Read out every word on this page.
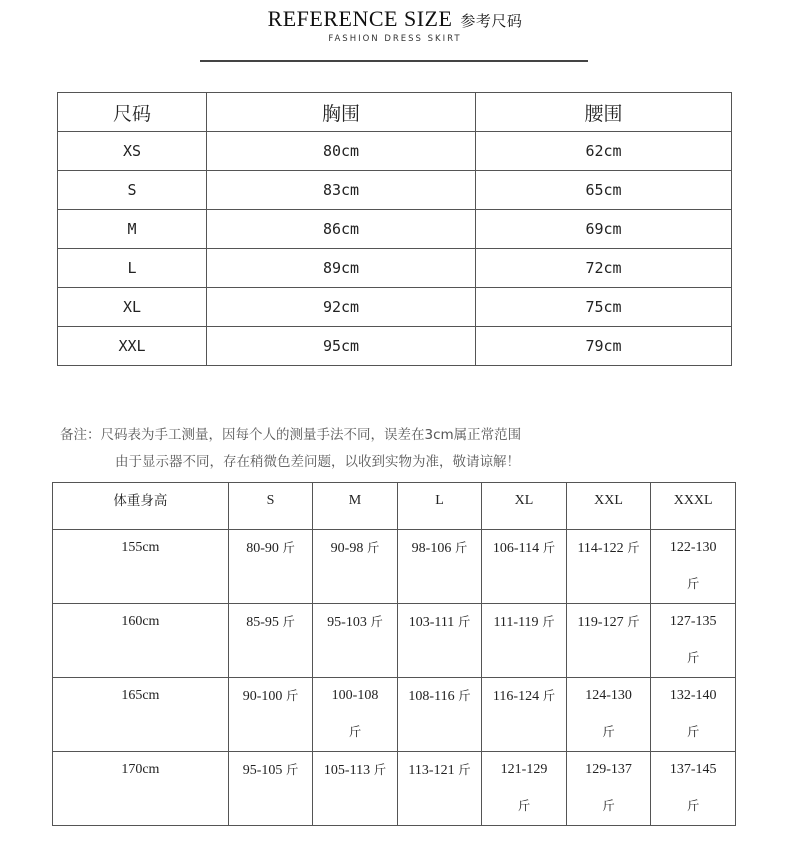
REFERENCE SIZE 参考尺码
FASHION DRESS SKIRT
尺码	胸围	腰围
XS	80cm	62cm
S	83cm	65cm
M	86cm	69cm
L	89cm	72cm
XL	92cm	75cm
XXL	95cm	79cm
备注：尺码表为手工测量，因每个人的测量手法不同，误差在3cm属正常范围
由于显示器不同，存在稍微色差问题，以收到实物为准，敬请谅解！
体重身高	S	M	L	XL	XXL	XXXL
155cm	80-90 斤	90-98 斤	98-106 斤	106-114 斤	114-122 斤	122-130
斤
160cm	85-95 斤	95-103 斤	103-111 斤	111-119 斤	119-127 斤	127-135
斤
165cm	90-100 斤	100-108
斤	108-116 斤	116-124 斤	124-130
斤	132-140
斤
170cm	95-105 斤	105-113 斤	113-121 斤	121-129
斤	129-137
斤	137-145
斤
